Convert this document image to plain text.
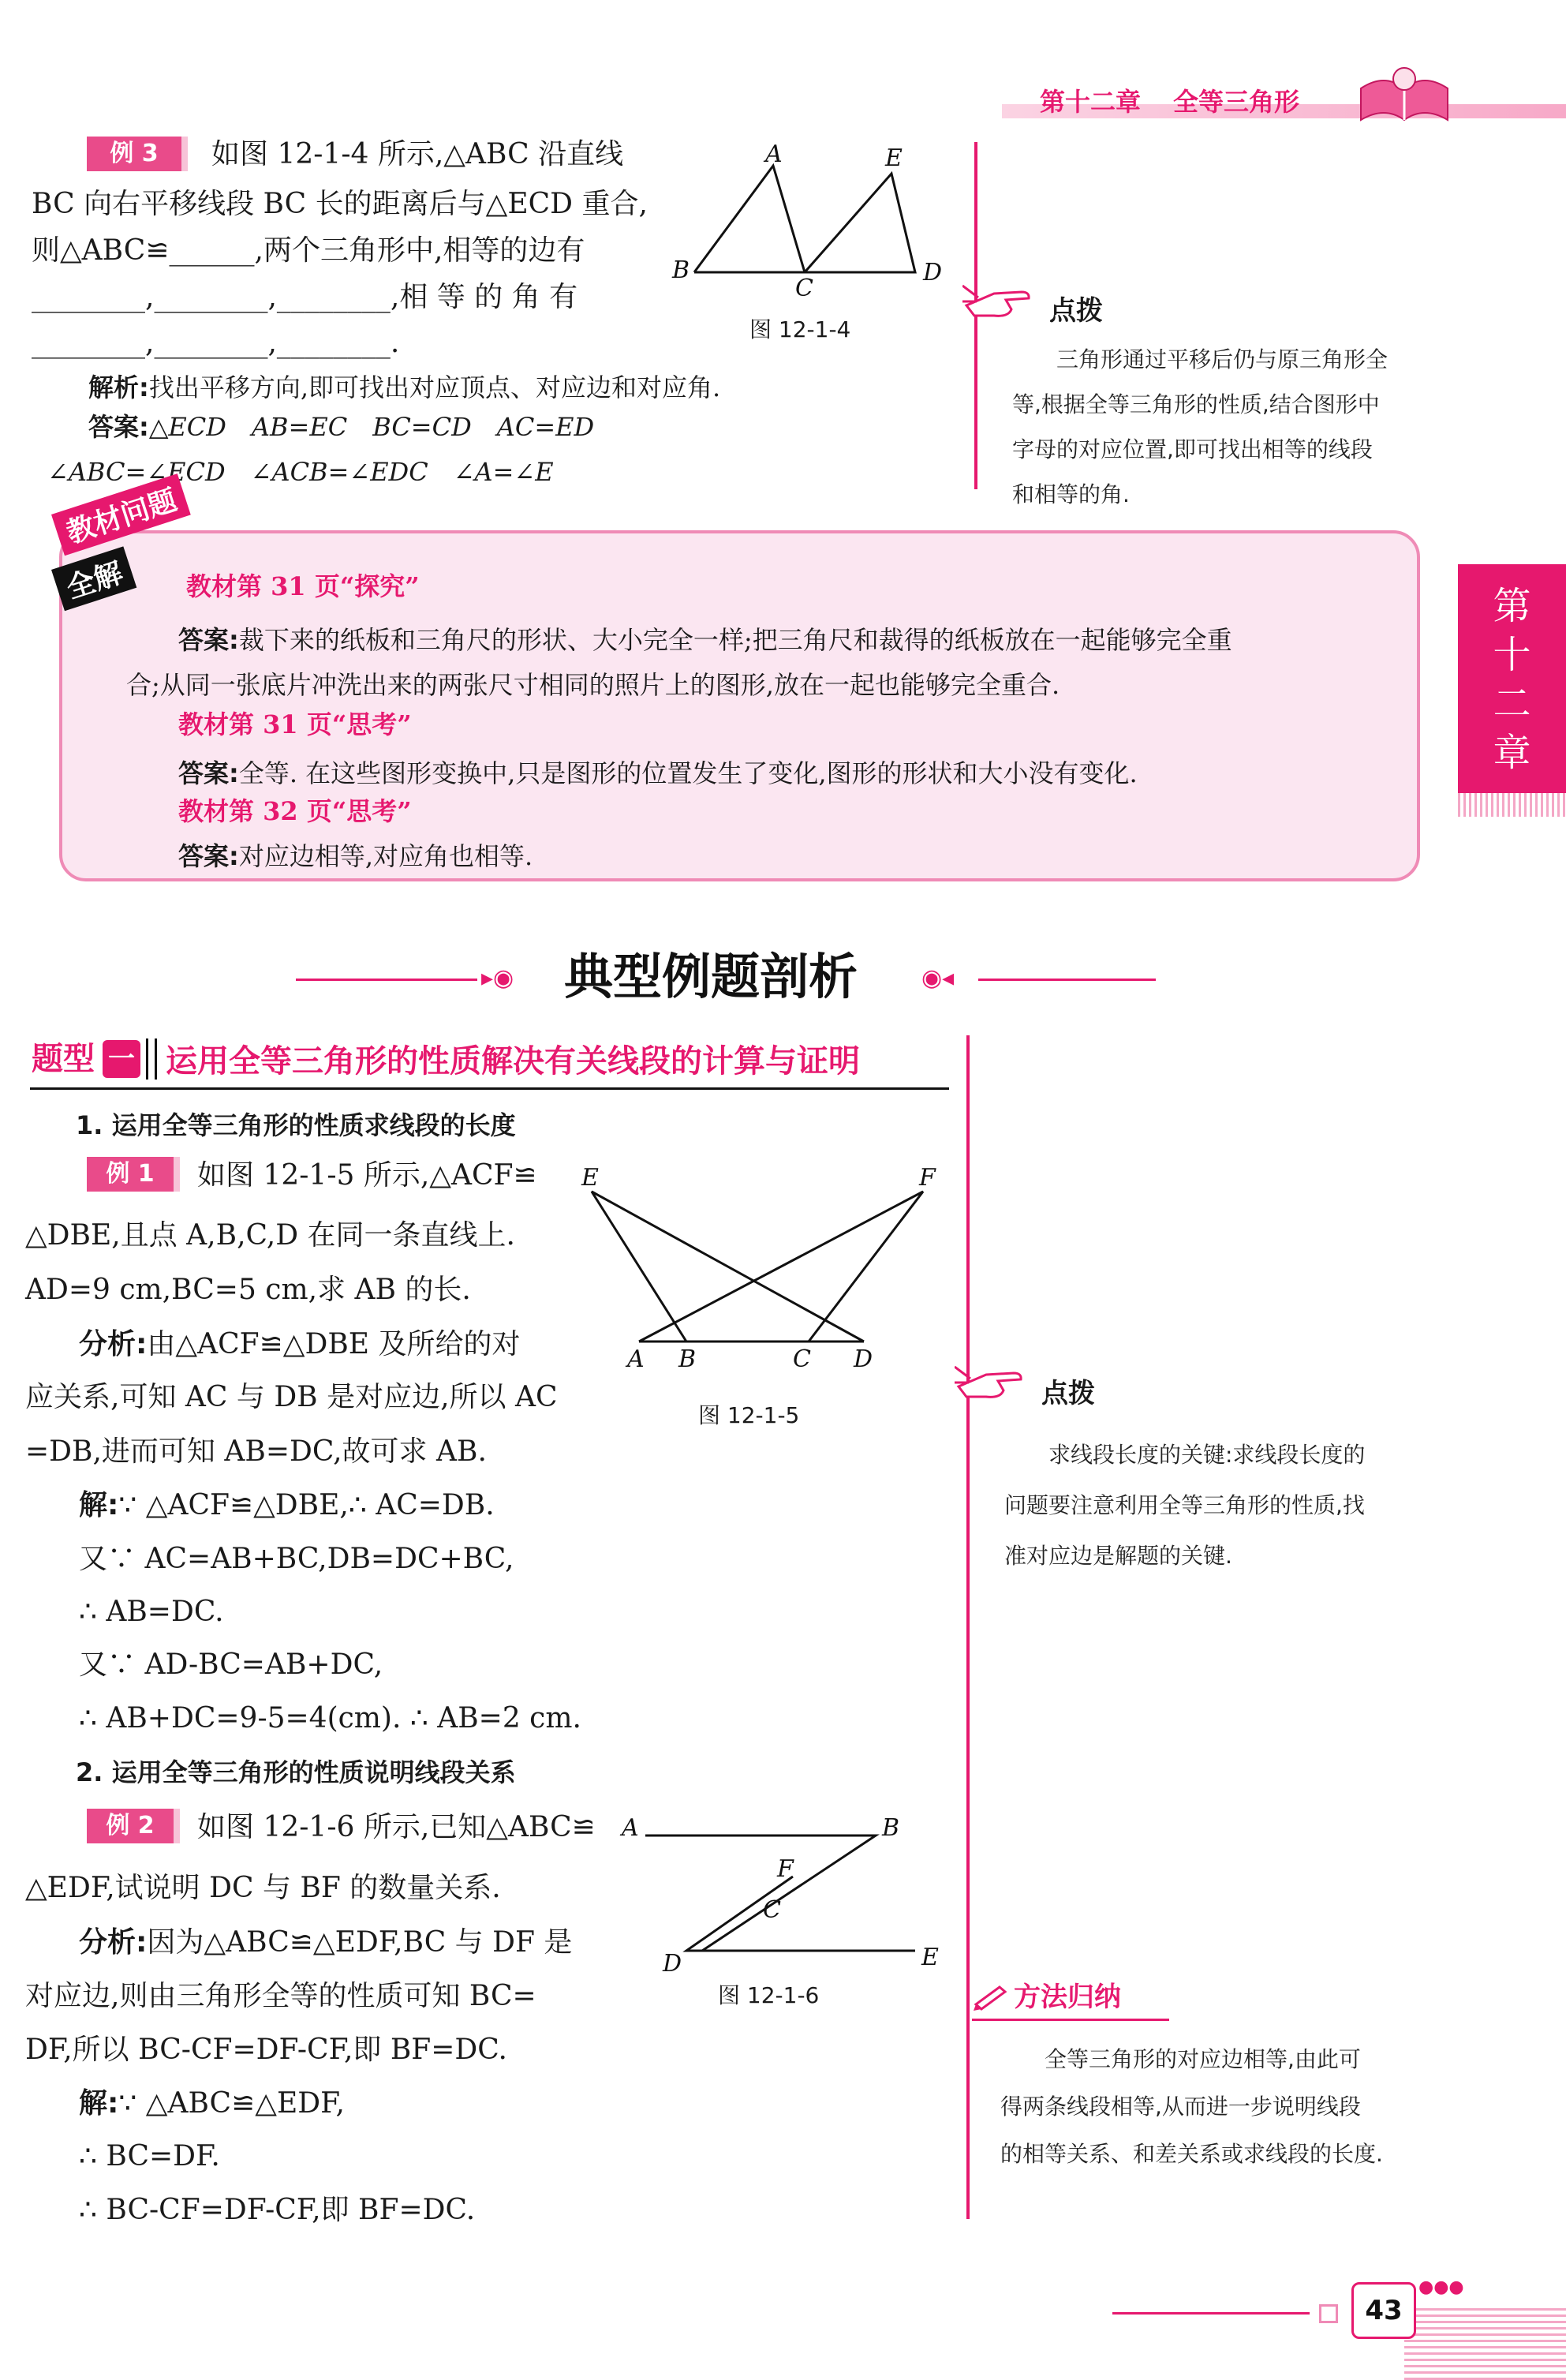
第十二章 全等三角形
第
十
二
章
例 3	如图 12-1-4 所示,△ABC 沿直线
BC 向右平移线段 BC 长的距离后与△ECD 重合,
则△ABC≌______,两个三角形中,相等的边有
________,________,________,相 等 的 角 有
________,________,________.
解析:找出平移方向,即可找出对应顶点、对应边和对应角.
答案:△ECD　AB=EC　BC=CD　AC=ED
∠ABC=∠ECD　∠ACB=∠EDC　∠A=∠E
A	E
B
C
D
图 12-1-4
点拨
三角形通过平移后仍与原三角形全
等,根据全等三角形的性质,结合图形中
字母的对应位置,即可找出相等的线段
和相等的角.
教材问题
全解	教材第 31 页“探究”
答案:裁下来的纸板和三角尺的形状、大小完全一样;把三角尺和裁得的纸板放在一起能够完全重
合;从同一张底片冲洗出来的两张尺寸相同的照片上的图形,放在一起也能够完全重合.
教材第 31 页“思考”
答案:全等. 在这些图形变换中,只是图形的位置发生了变化,图形的形状和大小没有变化.
教材第 32 页“思考”
答案:对应边相等,对应角也相等.
▸◉ 典型例题剖析	◉◂
题型 一 运用全等三角形的性质解决有关线段的计算与证明
1. 运用全等三角形的性质求线段的长度
例 1	如图 12-1-5 所示,△ACF≌
△DBE,且点 A,B,C,D 在同一条直线上.
AD=9 cm,BC=5 cm,求 AB 的长.
分析:由△ACF≌△DBE 及所给的对
应关系,可知 AC 与 DB 是对应边,所以 AC
=DB,进而可知 AB=DC,故可求 AB.
解:∵ △ACF≌△DBE,∴ AC=DB.
又∵ AC=AB+BC,DB=DC+BC,
∴ AB=DC.
又∵ AD-BC=AB+DC,
∴ AB+DC=9-5=4(cm). ∴ AB=2 cm.
E	F
A B	C D
图 12-1-5
点拨
求线段长度的关键:求线段长度的
问题要注意利用全等三角形的性质,找
准对应边是解题的关键.
2. 运用全等三角形的性质说明线段关系
例 2	如图 12-1-6 所示,已知△ABC≌
△EDF,试说明 DC 与 BF 的数量关系.
分析:因为△ABC≌△EDF,BC 与 DF 是
对应边,则由三角形全等的性质可知 BC=
DF,所以 BC-CF=DF-CF,即 BF=DC.
解:∵ △ABC≌△EDF,
∴ BC=DF.
∴ BC-CF=DF-CF,即 BF=DC.
A	B
F
C
D	E
图 12-1-6	方法归纳
全等三角形的对应边相等,由此可
得两条线段相等,从而进一步说明线段
的相等关系、和差关系或求线段的长度.
43
●●●
